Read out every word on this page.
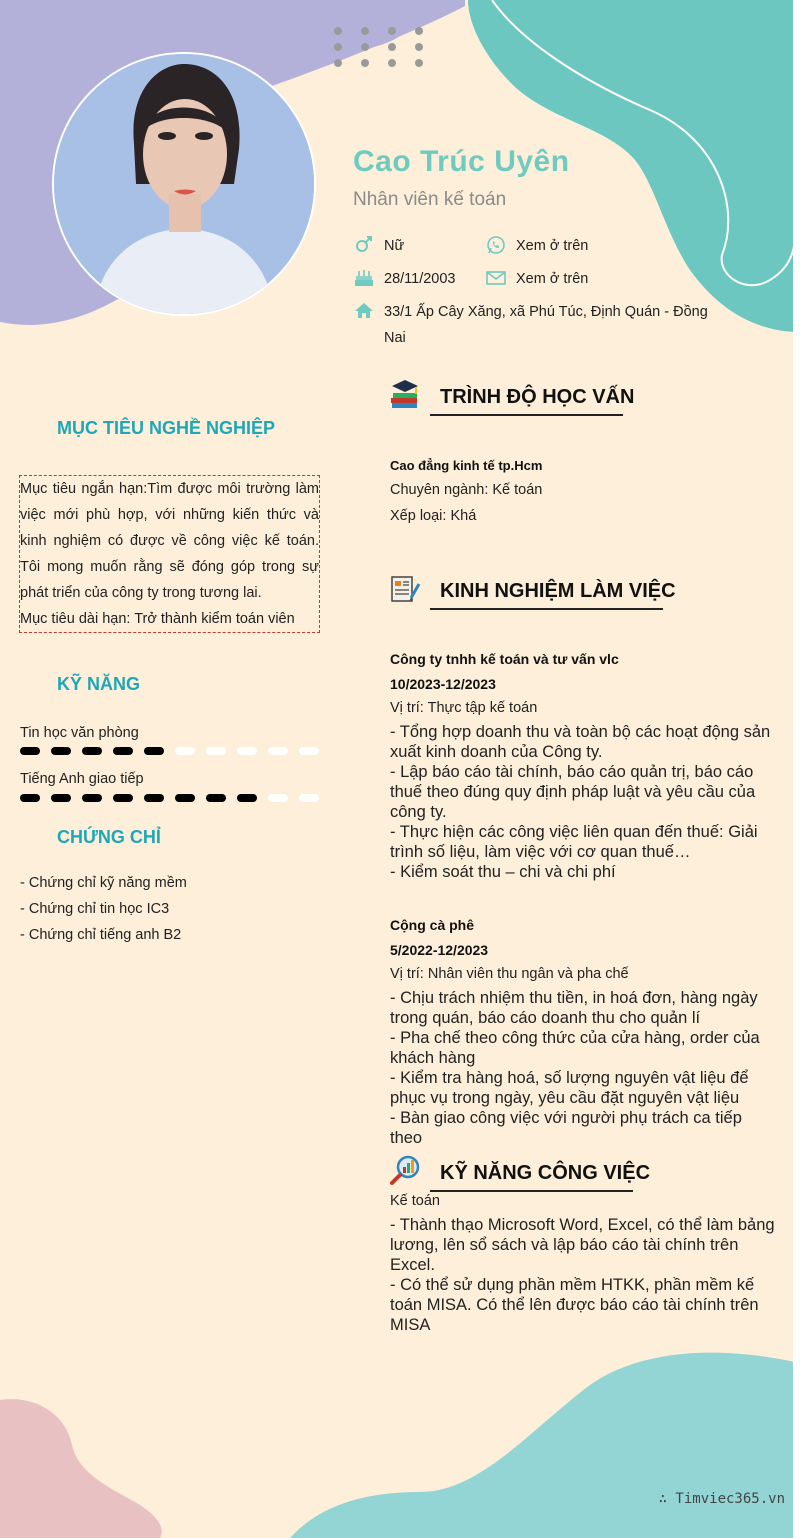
Cao Trúc Uyên
Nhân viên kế toán
Nữ	Xem ở trên
28/11/2003	Xem ở trên
33/1 Ấp Cây Xăng, xã Phú Túc, Định Quán - Đồng
Nai
MỤC TIÊU NGHỀ NGHIỆP
Mục tiêu ngắn hạn:Tìm được môi trường làm việc mới phù hợp, với những kiến thức và kinh nghiệm có được về công việc kế toán. Tôi mong muốn rằng sẽ đóng góp trong sự phát triển của công ty trong tương lai.
Mục tiêu dài hạn: Trở thành kiểm toán viên
KỸ NĂNG
Tin học văn phòng
Tiếng Anh giao tiếp
CHỨNG CHỈ
- Chứng chỉ kỹ năng mềm
- Chứng chỉ tin học IC3
- Chứng chỉ tiếng anh B2
TRÌNH ĐỘ HỌC VẤN
Cao đẳng kinh tế tp.Hcm
Chuyên ngành: Kế toán
Xếp loại: Khá
KINH NGHIỆM LÀM VIỆC
Công ty tnhh kế toán và tư vấn vlc
10/2023-12/2023
Vị trí: Thực tập kế toán
- Tổng hợp doanh thu và toàn bộ các hoạt động sản xuất kinh doanh của Công ty.
- Lập báo cáo tài chính, báo cáo quản trị, báo cáo thuế theo đúng quy định pháp luật và yêu cầu của công ty.
- Thực hiện các công việc liên quan đến thuế: Giải trình số liệu, làm việc với cơ quan thuế…
- Kiểm soát thu – chi và chi phí
Cộng cà phê
5/2022-12/2023
Vị trí: Nhân viên thu ngân và pha chế
- Chịu trách nhiệm thu tiền, in hoá đơn, hàng ngày trong quán, báo cáo doanh thu cho quản lí
- Pha chế theo công thức của cửa hàng, order của khách hàng
- Kiểm tra hàng hoá, số lượng nguyên vật liệu để phục vụ trong ngày, yêu cầu đặt nguyên vật liệu
- Bàn giao công việc với người phụ trách ca tiếp theo
KỸ NĂNG CÔNG VIỆC
Kế toán
- Thành thạo Microsoft Word, Excel, có thể làm bảng lương, lên sổ sách và lập báo cáo tài chính trên Excel.
- Có thể sử dụng phần mềm HTKK, phần mềm kế toán MISA. Có thể lên được báo cáo tài chính trên MISA
∴ Timviec365.vn
